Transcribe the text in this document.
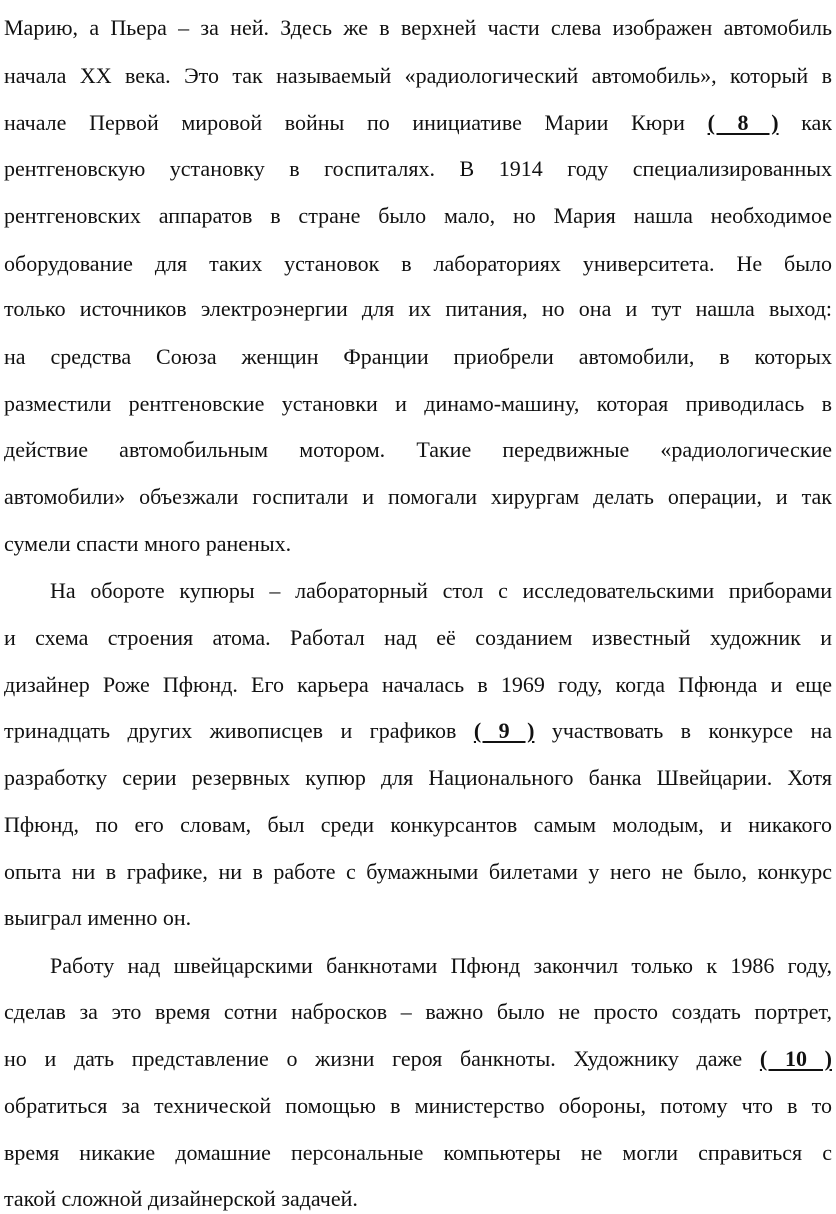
Марию, а Пьера – за ней. Здесь же в верхней части слева изображен автомобиль
начала XX века. Это так называемый «радиологический автомобиль», который в
начале Первой мировой войны по инициативе Марии Кюри ( 8 ) как
рентгеновскую установку в госпиталях. В 1914 году специализированных
рентгеновских аппаратов в стране было мало, но Мария нашла необходимое
оборудование для таких установок в лабораториях университета. Не было
только источников электроэнергии для их питания, но она и тут нашла выход:
на средства Союза женщин Франции приобрели автомобили, в которых
разместили рентгеновские установки и динамо-машину, которая приводилась в
действие автомобильным мотором. Такие передвижные «радиологические
автомобили» объезжали госпитали и помогали хирургам делать операции, и так
сумели спасти много раненых.
На обороте купюры – лабораторный стол с исследовательскими приборами
и схема строения атома. Работал над её созданием известный художник и
дизайнер Роже Пфюнд. Его карьера началась в 1969 году, когда Пфюнда и еще
тринадцать других живописцев и графиков ( 9 ) участвовать в конкурсе на
разработку серии резервных купюр для Национального банка Швейцарии. Хотя
Пфюнд, по его словам, был среди конкурсантов самым молодым, и никакого
опыта ни в графике, ни в работе с бумажными билетами у него не было, конкурс
выиграл именно он.
Работу над швейцарскими банкнотами Пфюнд закончил только к 1986 году,
сделав за это время сотни набросков – важно было не просто создать портрет,
но и дать представление о жизни героя банкноты. Художнику даже ( 10 )
обратиться за технической помощью в министерство обороны, потому что в то
время никакие домашние персональные компьютеры не могли справиться с
такой сложной дизайнерской задачей.
